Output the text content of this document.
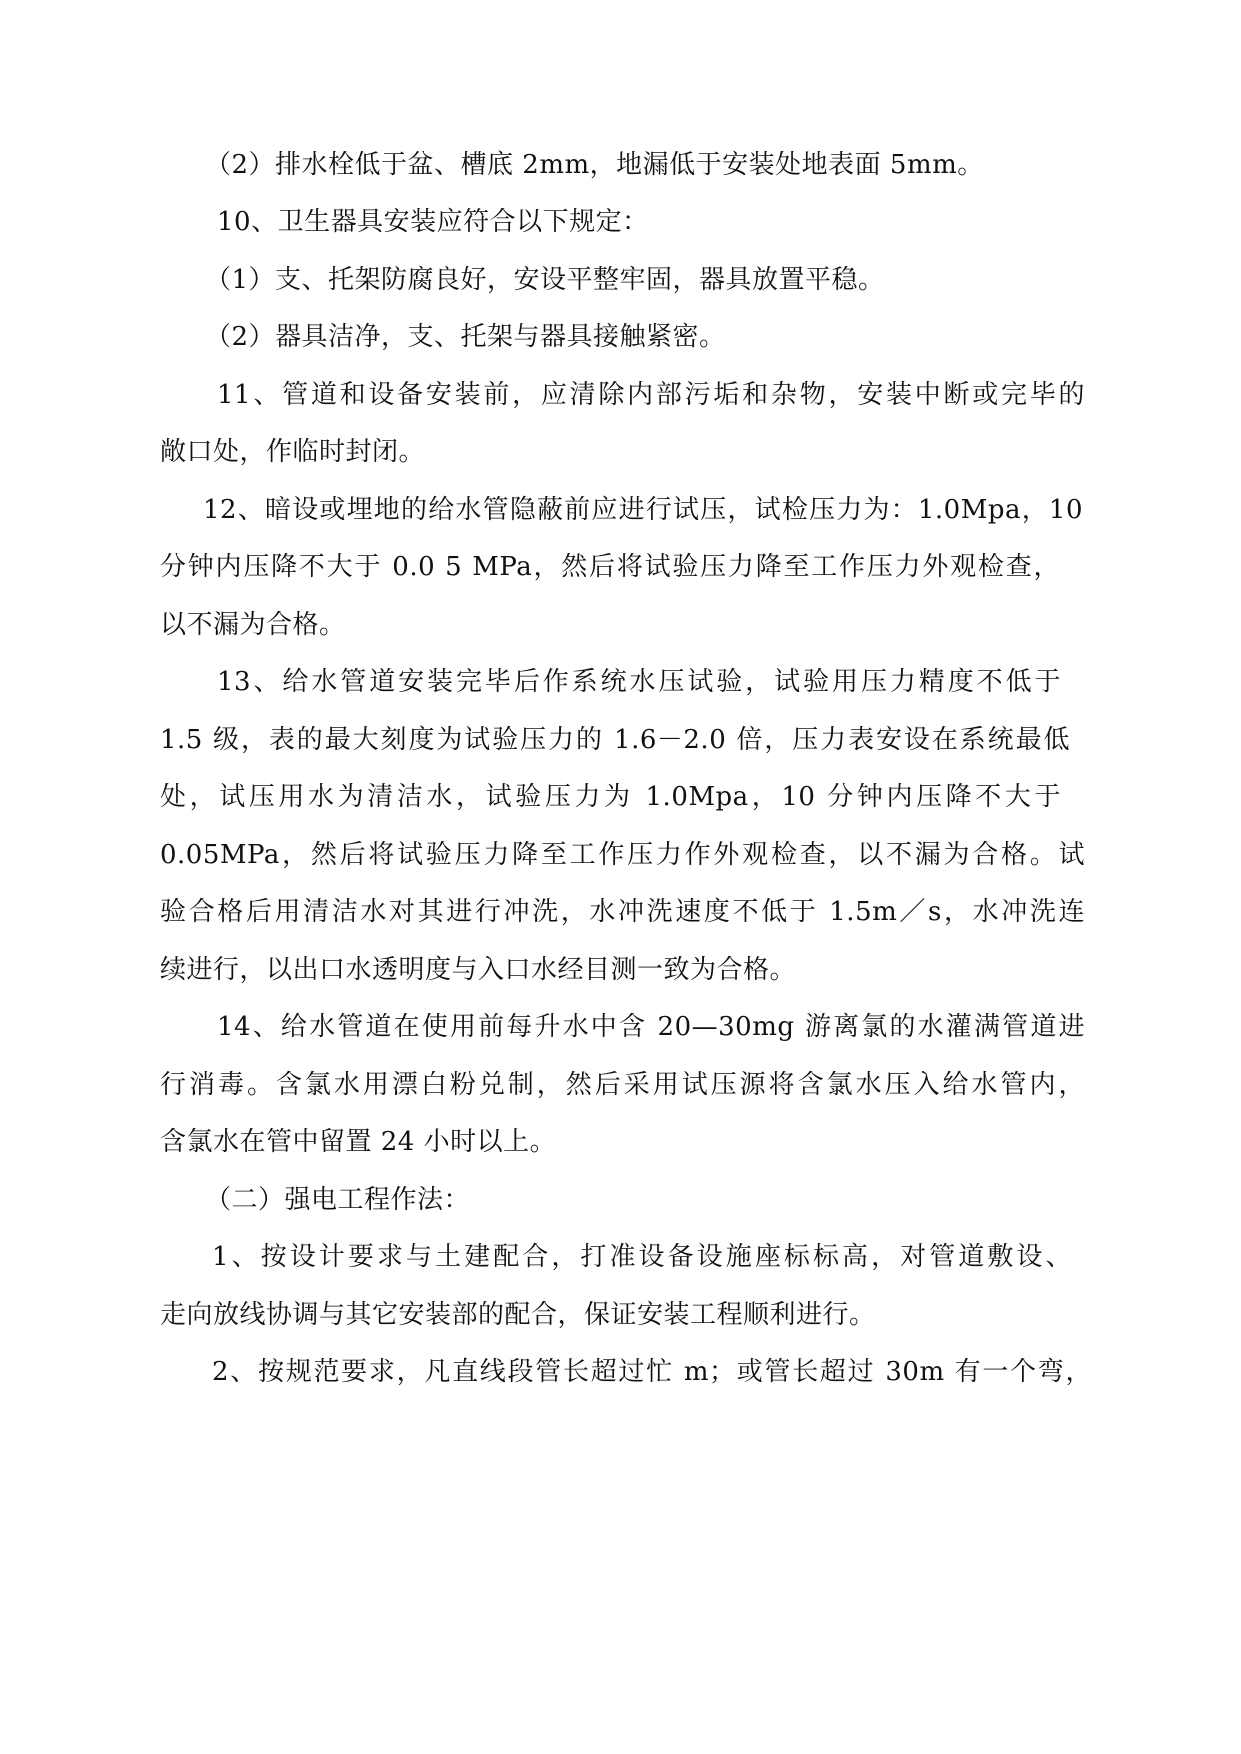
（2）排水栓低于盆、槽底 2mm，地漏低于安装处地表面 5mm。
10、卫生器具安装应符合以下规定：
（1）支、托架防腐良好，安设平整牢固，器具放置平稳。
（2）器具洁净，支、托架与器具接触紧密。
11、管道和设备安装前，应清除内部污垢和杂物，安装中断或完毕的
敞口处，作临时封闭。
12、暗设或埋地的给水管隐蔽前应进行试压，试检压力为：1.0Mpa，10
分钟内压降不大于 0.0 5 MPa，然后将试验压力降至工作压力外观检查，
以不漏为合格。
13、给水管道安装完毕后作系统水压试验，试验用压力精度不低于
1.5 级，表的最大刻度为试验压力的 1.6－2.0 倍，压力表安设在系统最低
处，试压用水为清洁水，试验压力为 1.0Mpa，10 分钟内压降不大于
0.05MPa，然后将试验压力降至工作压力作外观检查，以不漏为合格。试
验合格后用清洁水对其进行冲洗，水冲洗速度不低于 1.5m／s，水冲洗连
续进行，以出口水透明度与入口水经目测一致为合格。
14、给水管道在使用前每升水中含 20—30mg 游离氯的水灌满管道进
行消毒。含氯水用漂白粉兑制，然后采用试压源将含氯水压入给水管内，
含氯水在管中留置 24 小时以上。
（二）强电工程作法：
1、按设计要求与土建配合，打准设备设施座标标高，对管道敷设、
走向放线协调与其它安装部的配合，保证安装工程顺利进行。
2、按规范要求，凡直线段管长超过忙 m；或管长超过 30m 有一个弯，
